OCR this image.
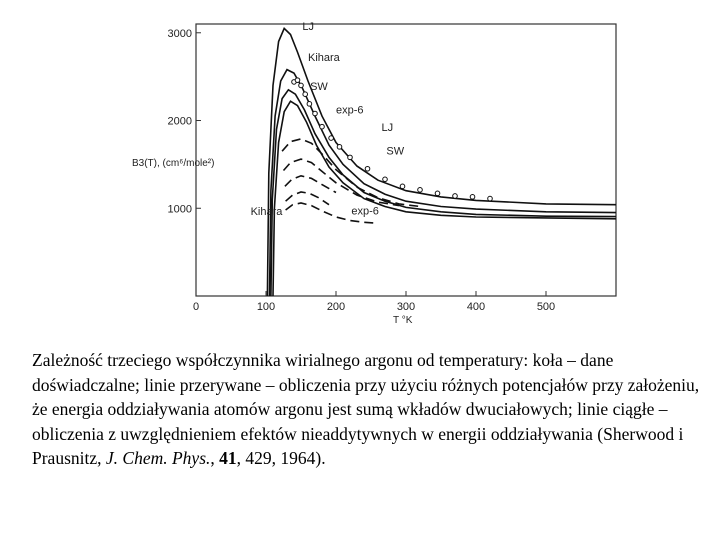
0	100	200	300	400	500
1000
2000
3000
LJ
Kihara
SW
exp-6
LJ
SW
Kihara	exp-6
B3(T), (cm⁶/mole²)
T °K
Zależność trzeciego współczynnika wirialnego argonu od temperatury: koła – dane doświadczalne; linie przerywane – obliczenia przy użyciu różnych potencjałów przy założeniu, że energia oddziaływania atomów argonu jest sumą wkładów dwuciałowych; linie ciągłe – obliczenia z uwzględnieniem efektów nieaddytywnych w energii oddziaływania (Sherwood i Prausnitz, J. Chem. Phys., 41, 429, 1964).
